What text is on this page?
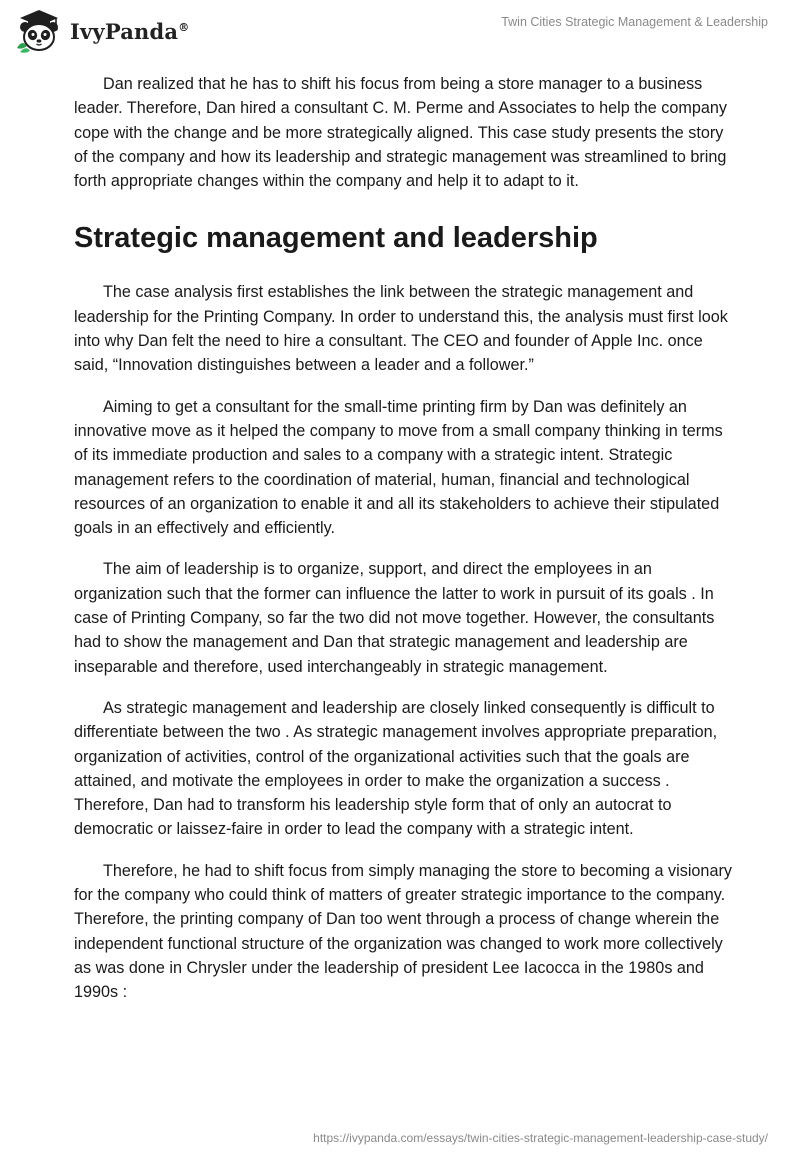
IvyPanda®	Twin Cities Strategic Management & Leadership

Dan realized that he has to shift his focus from being a store manager to a business leader. Therefore, Dan hired a consultant C. M. Perme and Associates to help the company cope with the change and be more strategically aligned. This case study presents the story of the company and how its leadership and strategic management was streamlined to bring forth appropriate changes within the company and help it to adapt to it.

Strategic management and leadership

The case analysis first establishes the link between the strategic management and leadership for the Printing Company. In order to understand this, the analysis must first look into why Dan felt the need to hire a consultant. The CEO and founder of Apple Inc. once said, “Innovation distinguishes between a leader and a follower.”

Aiming to get a consultant for the small-time printing firm by Dan was definitely an innovative move as it helped the company to move from a small company thinking in terms of its immediate production and sales to a company with a strategic intent. Strategic management refers to the coordination of material, human, financial and technological resources of an organization to enable it and all its stakeholders to achieve their stipulated goals in an effectively and efficiently.

The aim of leadership is to organize, support, and direct the employees in an organization such that the former can influence the latter to work in pursuit of its goals . In case of Printing Company, so far the two did not move together. However, the consultants had to show the management and Dan that strategic management and leadership are inseparable and therefore, used interchangeably in strategic management.

As strategic management and leadership are closely linked consequently is difficult to differentiate between the two . As strategic management involves appropriate preparation, organization of activities, control of the organizational activities such that the goals are attained, and motivate the employees in order to make the organization a success . Therefore, Dan had to transform his leadership style form that of only an autocrat to democratic or laissez-faire in order to lead the company with a strategic intent.

Therefore, he had to shift focus from simply managing the store to becoming a visionary for the company who could think of matters of greater strategic importance to the company. Therefore, the printing company of Dan too went through a process of change wherein the independent functional structure of the organization was changed to work more collectively as was done in Chrysler under the leadership of president Lee Iacocca in the 1980s and 1990s :

https://ivypanda.com/essays/twin-cities-strategic-management-leadership-case-study/
